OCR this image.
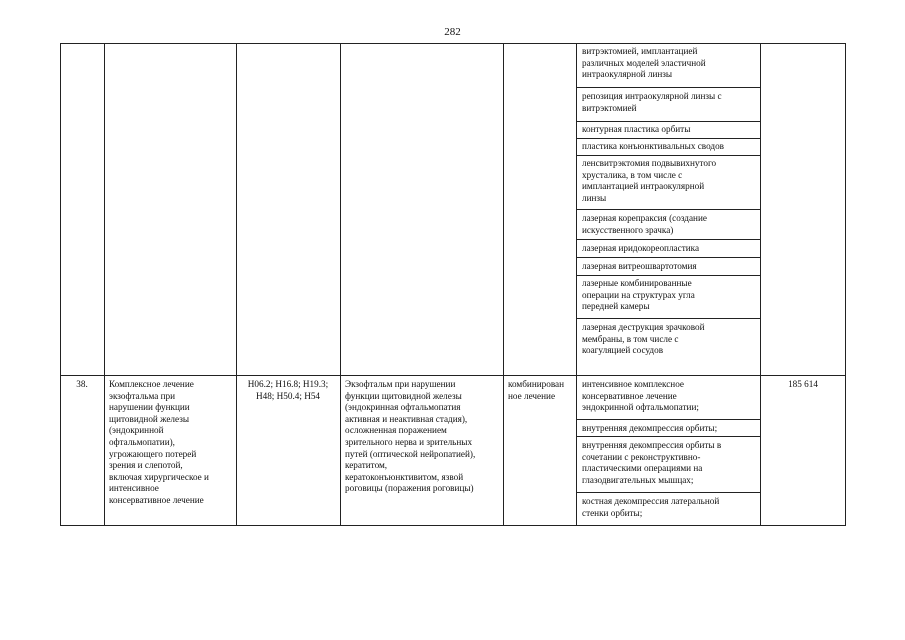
282
витрэктомией, имплантацией
различных моделей эластичной
интраокулярной линзы
репозиция интраокулярной линзы с
витрэктомией
контурная пластика орбиты
пластика конъюнктивальных сводов
ленсвитрэктомия подвывихнутого
хрусталика, в том числе с
имплантацией интраокулярной
линзы
лазерная корепраксия (создание
искусственного зрачка)
лазерная иридокореопластика
лазерная витреошвартотомия
лазерные комбинированные
операции на структурах угла
передней камеры
лазерная деструкция зрачковой
мембраны, в том числе с
коагуляцией сосудов
38.	Комплексное лечение
экзофтальма при
нарушении функции
щитовидной железы
(эндокринной
офтальмопатии),
угрожающего потерей
зрения и слепотой,
включая хирургическое и
интенсивное
консервативное лечение
H06.2; H16.8; H19.3;
H48; H50.4; H54
Экзофтальм при нарушении
функции щитовидной железы
(эндокринная офтальмопатия
активная и неактивная стадия),
осложненная поражением
зрительного нерва и зрительных
путей (оптической нейропатией),
кератитом,
кератоконъюнктивитом, язвой
роговицы (поражения роговицы)
комбинирован
ное лечение
интенсивное комплексное
консервативное лечение
эндокринной офтальмопатии;
внутренняя декомпрессия орбиты;
внутренняя декомпрессия орбиты в
сочетании с реконструктивно-
пластическими операциями на
глазодвигательных мышцах;
костная декомпрессия латеральной
стенки орбиты;
185 614
